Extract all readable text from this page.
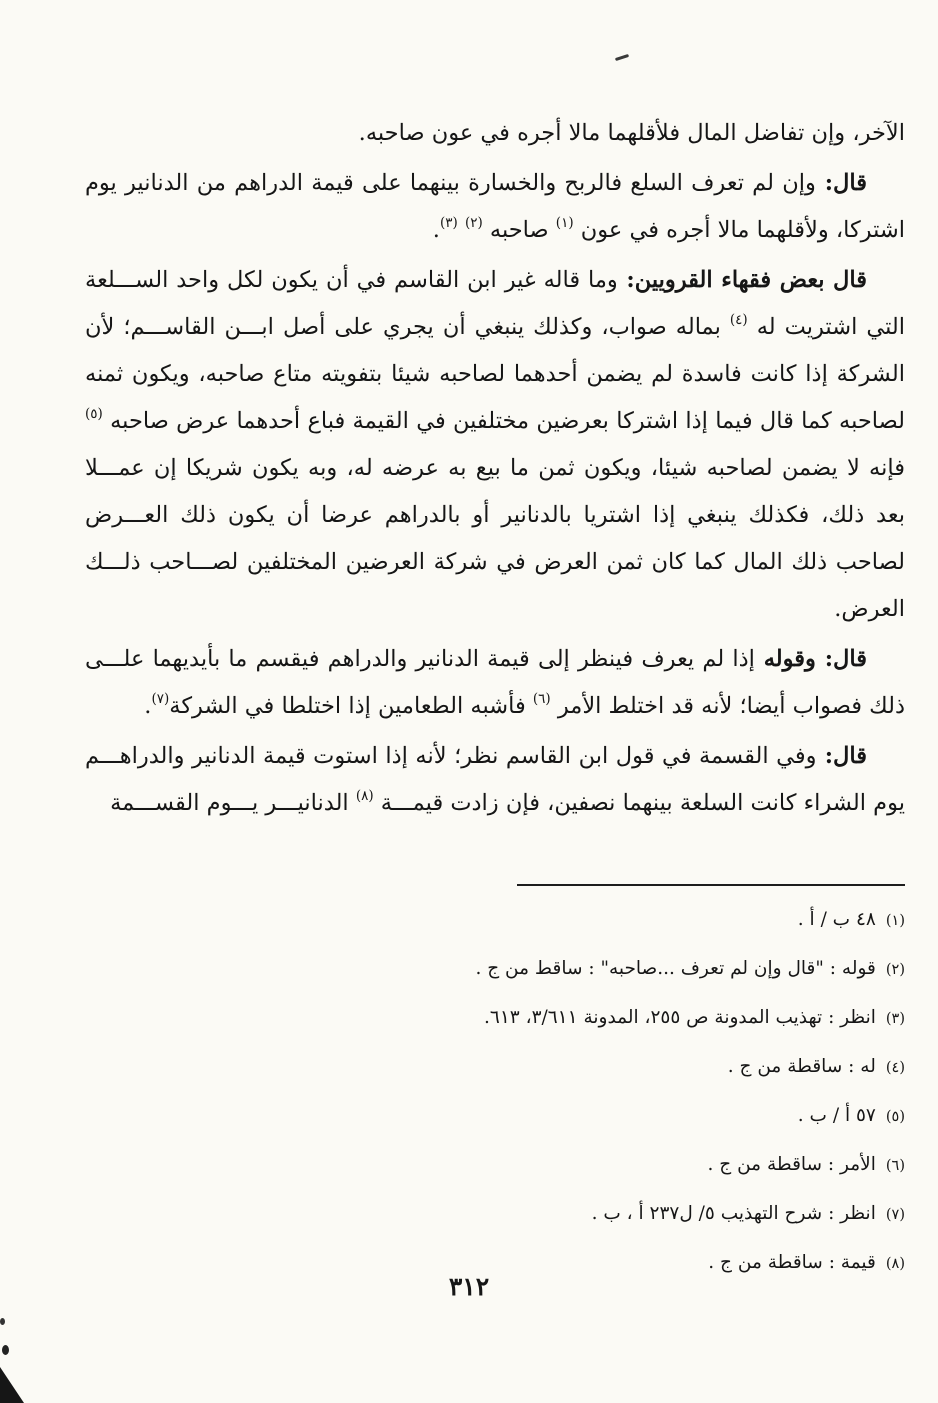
الآخر، وإن تفاضل المال فلأقلهما مالا أجره في عون صاحبه.

قال: وإن لم تعرف السلع فالربح والخسارة بينهما على قيمة الدراهم من الدنانير يوم اشتركا، ولأقلهما مالا أجره في عون $^{(١)}$ صاحبه $^{(٢)}$ $^{(٣)}$.

قال بعض فقهاء القرويين: وما قاله غير ابن القاسم في أن يكون لكل واحد الســـلعة التي اشتريت له $^{(٤)}$ بماله صواب، وكذلك ينبغي أن يجري على أصل ابـــن القاســـم؛ لأن الشركة إذا كانت فاسدة لم يضمن أحدهما لصاحبه شيئا بتفويته متاع صاحبه، ويكون ثمنه لصاحبه كما قال فيما إذا اشتركا بعرضين مختلفين في القيمة فباع أحدهما عرض صاحبه $^{(٥)}$ فإنه لا يضمن لصاحبه شيئا، ويكون ثمن ما بيع به عرضه له، وبه يكون شريكا إن عمـــلا بعد ذلك، فكذلك ينبغي إذا اشتريا بالدنانير أو بالدراهم عرضا أن يكون ذلك العـــرض لصاحب ذلك المال كما كان ثمن العرض في شركة العرضين المختلفين لصـــاحب ذلـــك العرض.

قال: وقوله إذا لم يعرف فينظر إلى قيمة الدنانير والدراهم فيقسم ما بأيديهما علـــى ذلك فصواب أيضا؛ لأنه قد اختلط الأمر $^{(٦)}$ فأشبه الطعامين إذا اختلطا في الشركة$^{(٧)}$.

قال: وفي القسمة في قول ابن القاسم نظر؛ لأنه إذا استوت قيمة الدنانير والدراهـــم يوم الشراء كانت السلعة بينهما نصفين، فإن زادت قيمـــة $^{(٨)}$ الدنانيـــر يـــوم القســـمة

(١)٤٨ ب / أ .

(٢)قوله : "قال وإن لم تعرف ...صاحبه" : ساقط من ج .

(٣)انظر : تهذيب المدونة ص ٢٥٥، المدونة ٣/٦١١، ٦١٣.

(٤)له : ساقطة من ج .

(٥)٥٧ أ / ب .

(٦)الأمر : ساقطة من ج .

(٧)انظر : شرح التهذيب ٥/ ل٢٣٧ أ ، ب .

(٨)قيمة : ساقطة من ج .

٣١٢
